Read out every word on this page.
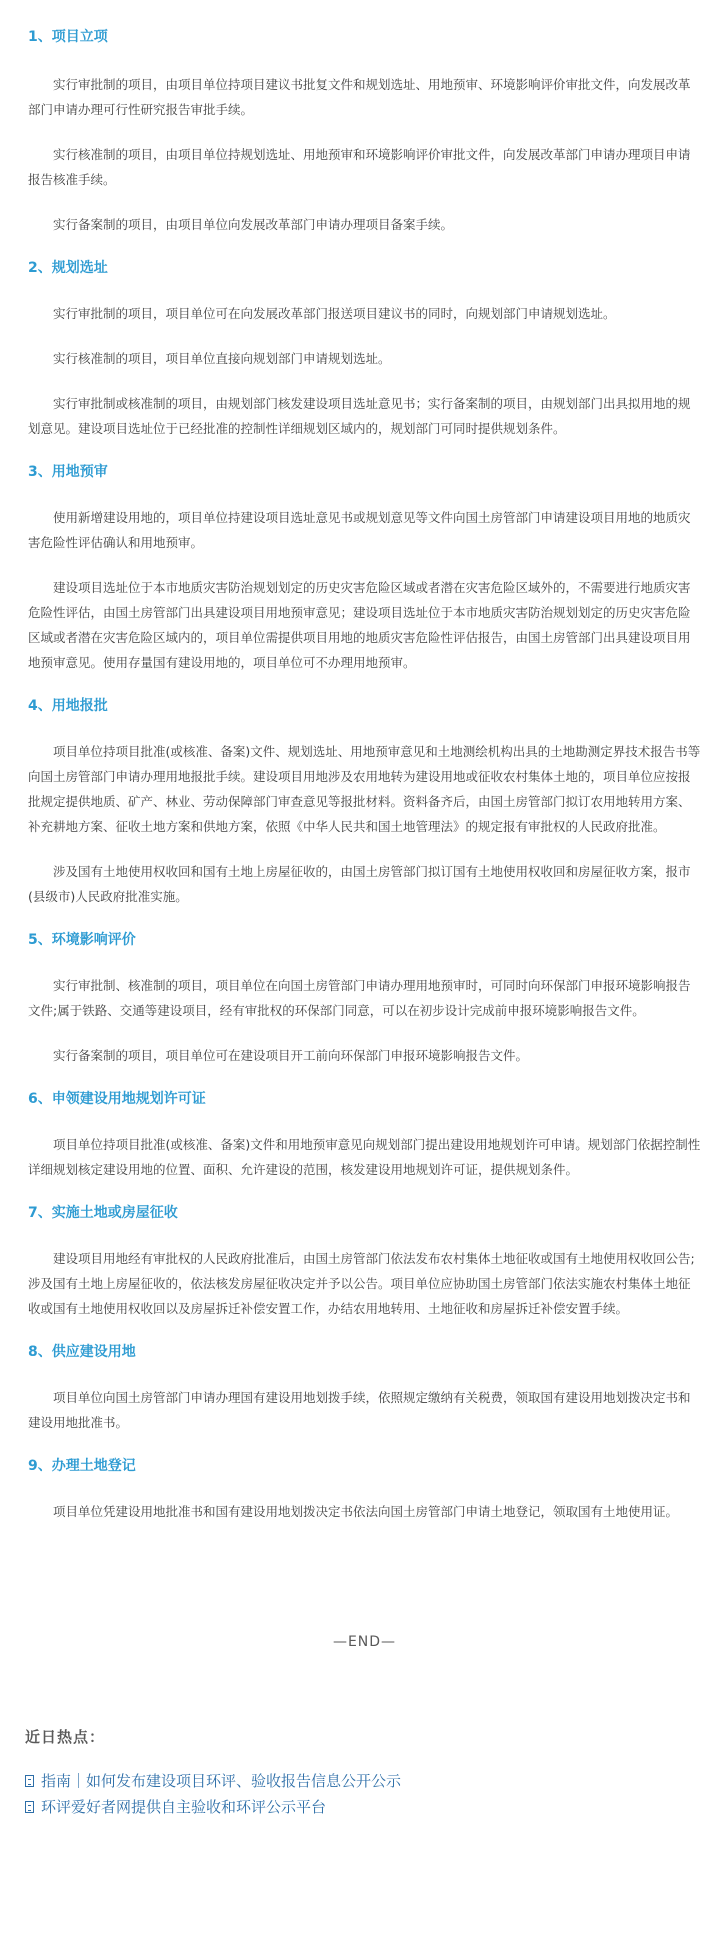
1、项目立项

实行审批制的项目，由项目单位持项目建议书批复文件和规划选址、用地预审、环境影响评价审批文件，向发展改革部门申请办理可行性研究报告审批手续。

实行核准制的项目，由项目单位持规划选址、用地预审和环境影响评价审批文件，向发展改革部门申请办理项目申请报告核准手续。

实行备案制的项目，由项目单位向发展改革部门申请办理项目备案手续。

2、规划选址

实行审批制的项目，项目单位可在向发展改革部门报送项目建议书的同时，向规划部门申请规划选址。

实行核准制的项目，项目单位直接向规划部门申请规划选址。

实行审批制或核准制的项目，由规划部门核发建设项目选址意见书；实行备案制的项目，由规划部门出具拟用地的规划意见。建设项目选址位于已经批准的控制性详细规划区域内的，规划部门可同时提供规划条件。

3、用地预审

使用新增建设用地的，项目单位持建设项目选址意见书或规划意见等文件向国土房管部门申请建设项目用地的地质灾害危险性评估确认和用地预审。

建设项目选址位于本市地质灾害防治规划划定的历史灾害危险区域或者潜在灾害危险区域外的，不需要进行地质灾害危险性评估，由国土房管部门出具建设项目用地预审意见；建设项目选址位于本市地质灾害防治规划划定的历史灾害危险区域或者潜在灾害危险区域内的，项目单位需提供项目用地的地质灾害危险性评估报告，由国土房管部门出具建设项目用地预审意见。使用存量国有建设用地的，项目单位可不办理用地预审。

4、用地报批

项目单位持项目批准(或核准、备案)文件、规划选址、用地预审意见和土地测绘机构出具的土地勘测定界技术报告书等向国土房管部门申请办理用地报批手续。建设项目用地涉及农用地转为建设用地或征收农村集体土地的，项目单位应按报批规定提供地质、矿产、林业、劳动保障部门审查意见等报批材料。资料备齐后，由国土房管部门拟订农用地转用方案、补充耕地方案、征收土地方案和供地方案，依照《中华人民共和国土地管理法》的规定报有审批权的人民政府批准。

涉及国有土地使用权收回和国有土地上房屋征收的，由国土房管部门拟订国有土地使用权收回和房屋征收方案，报市(县级市)人民政府批准实施。

5、环境影响评价

实行审批制、核准制的项目，项目单位在向国土房管部门申请办理用地预审时，可同时向环保部门申报环境影响报告文件;属于铁路、交通等建设项目，经有审批权的环保部门同意，可以在初步设计完成前申报环境影响报告文件。

实行备案制的项目，项目单位可在建设项目开工前向环保部门申报环境影响报告文件。

6、申领建设用地规划许可证

项目单位持项目批准(或核准、备案)文件和用地预审意见向规划部门提出建设用地规划许可申请。规划部门依据控制性详细规划核定建设用地的位置、面积、允许建设的范围，核发建设用地规划许可证，提供规划条件。

7、实施土地或房屋征收

建设项目用地经有审批权的人民政府批准后，由国土房管部门依法发布农村集体土地征收或国有土地使用权收回公告;涉及国有土地上房屋征收的，依法核发房屋征收决定并予以公告。项目单位应协助国土房管部门依法实施农村集体土地征收或国有土地使用权收回以及房屋拆迁补偿安置工作，办结农用地转用、土地征收和房屋拆迁补偿安置手续。

8、供应建设用地

项目单位向国土房管部门申请办理国有建设用地划拨手续，依照规定缴纳有关税费，领取国有建设用地划拨决定书和建设用地批准书。

9、办理土地登记

项目单位凭建设用地批准书和国有建设用地划拨决定书依法向国土房管部门申请土地登记，领取国有土地使用证。

—END—
近日热点：
指南｜如何发布建设项目环评、验收报告信息公开公示
环评爱好者网提供自主验收和环评公示平台
